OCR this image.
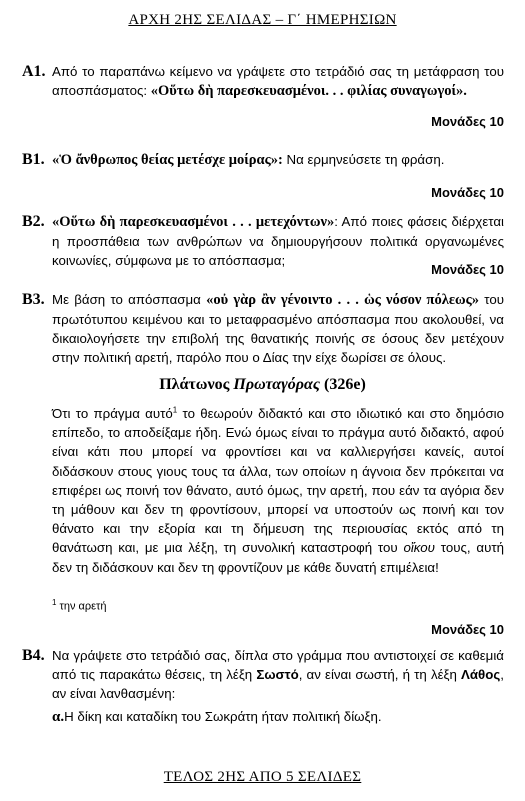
ΑΡΧΗ 2ΗΣ ΣΕΛΙΔΑΣ – Γ΄ ΗΜΕΡΗΣΙΩΝ
Α1. Από το παραπάνω κείμενο να γράψετε στο τετράδιό σας τη μετάφραση του αποσπάσματος: «Οὕτω δὴ παρεσκευασμένοι. . . φιλίας συναγωγοί».
Μονάδες 10
Β1. «Ὁ ἄνθρωπος θείας μετέσχε μοίρας»: Να ερμηνεύσετε τη φράση.
Μονάδες 10
Β2. «Οὕτω δὴ παρεσκευασμένοι . . . μετεχόντων»: Από ποιες φάσεις διέρχεται η προσπάθεια των ανθρώπων να δημιουργήσουν πολιτικά οργανωμένες κοινωνίες, σύμφωνα με το απόσπασμα;
Μονάδες 10
Β3. Με βάση το απόσπασμα «οὐ γὰρ ἂν γένοιντο . . . ὡς νόσον πόλεως» του πρωτότυπου κειμένου και το μεταφρασμένο απόσπασμα που ακολουθεί, να δικαιολογήσετε την επιβολή της θανατικής ποινής σε όσους δεν μετέχουν στην πολιτική αρετή, παρόλο που ο Δίας την είχε δωρίσει σε όλους.
Πλάτωνος Πρωταγόρας (326e)
Ότι το πράγμα αυτό$^1$ το θεωρούν διδακτό και στο ιδιωτικό και στο δημόσιο επίπεδο, το αποδείξαμε ήδη. Ενώ όμως είναι το πράγμα αυτό διδακτό, αφού είναι κάτι που μπορεί να φροντίσει και να καλλιεργήσει κανείς, αυτοί διδάσκουν στους γιους τους τα άλλα, των οποίων η άγνοια δεν πρόκειται να επιφέρει ως ποινή τον θάνατο, αυτό όμως, την αρετή, που εάν τα αγόρια δεν τη μάθουν και δεν τη φροντίσουν, μπορεί να υποστούν ως ποινή και τον θάνατο και την εξορία και τη δήμευση της περιουσίας εκτός από τη θανάτωση και, με μια λέξη, τη συνολική καταστροφή του οἴκου τους, αυτή δεν τη διδάσκουν και δεν τη φροντίζουν με κάθε δυνατή επιμέλεια!
$^1$ την αρετή
Μονάδες 10
Β4. Να γράψετε στο τετράδιό σας, δίπλα στο γράμμα που αντιστοιχεί σε καθεμιά από τις παρακάτω θέσεις, τη λέξη Σωστό, αν είναι σωστή, ή τη λέξη Λάθος, αν είναι λανθασμένη:
α.Η δίκη και καταδίκη του Σωκράτη ήταν πολιτική δίωξη.
ΤΕΛΟΣ 2ΗΣ ΑΠΟ 5 ΣΕΛΙΔΕΣ
